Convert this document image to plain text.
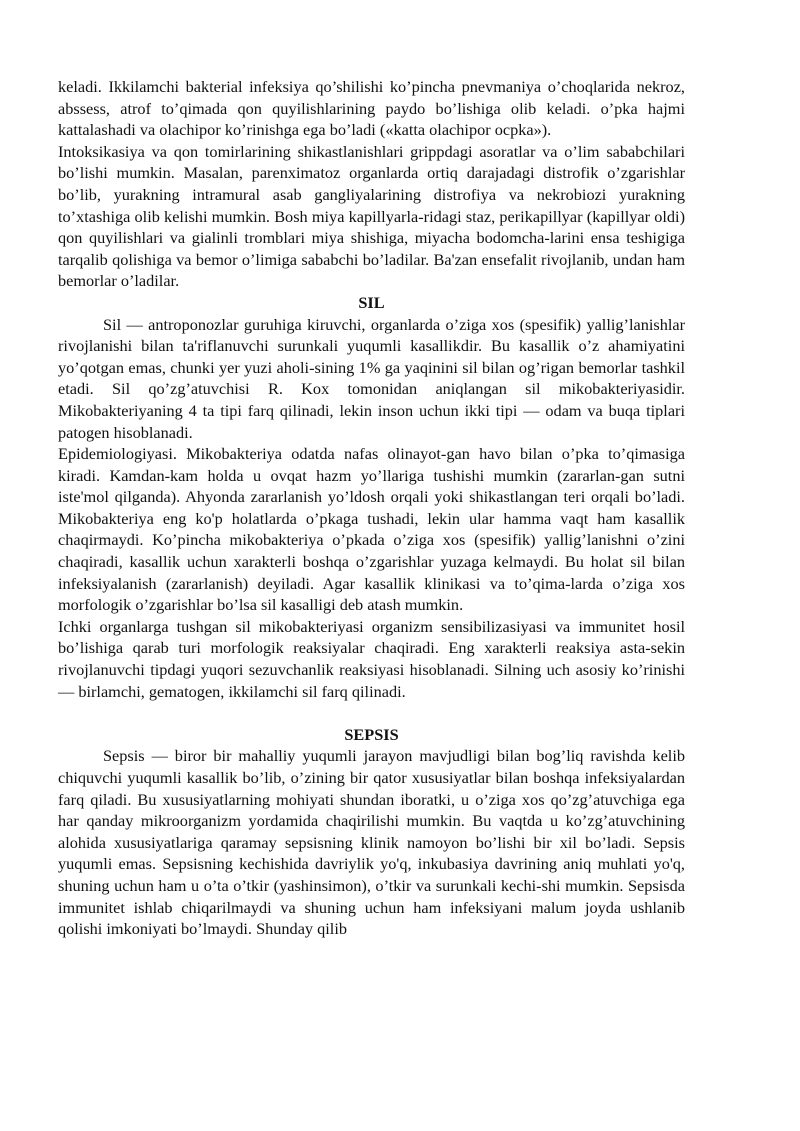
keladi. Ikkilamchi bakterial infeksiya qo’shilishi ko’pincha pnevmaniya o’choqlarida nekroz, abssess, atrof to’qimada qon quyilishlarining paydo bo’lishiga olib keladi. o’pka hajmi kattalashadi va olachipor ko’rinishga ega bo’ladi («katta olachipor ocpka»).

Intoksikasiya va qon tomirlarining shikastlanishlari grippdagi asoratlar va o’lim sababchilari bo’lishi mumkin. Masalan, parenximatoz organlarda ortiq darajadagi distrofik o’zgarishlar bo’lib, yurakning intramural asab gangliyalarining distrofiya va nekrobiozi yurakning to’xtashiga olib kelishi mumkin. Bosh miya kapillyarla-ridagi staz, perikapillyar (kapillyar oldi) qon quyilishlari va gialinli tromblari miya shishiga, miyacha bodomcha-larini ensa teshigiga tarqalib qolishiga va bemor o’limiga sababchi bo’ladilar. Ba'zan ensefalit rivojlanib, undan ham bemorlar o’ladilar.

SIL

Sil — antroponozlar guruhiga kiruvchi, organlarda o’ziga xos (spesifik) yallig’lanishlar rivojlanishi bilan ta'riflanuvchi surunkali yuqumli kasallikdir. Bu kasallik o’z ahamiyatini yo’qotgan emas, chunki yer yuzi aholi-sining 1% ga yaqinini sil bilan og’rigan bemorlar tashkil etadi. Sil qo’zg’atuvchisi R. Kox tomonidan aniqlangan sil mikobakteriyasidir. Mikobakteriyaning 4 ta tipi farq qilinadi, lekin inson uchun ikki tipi — odam va buqa tiplari patogen hisoblanadi.

Epidemiologiyasi. Mikobakteriya odatda nafas olinayot-gan havo bilan o’pka to’qimasiga kiradi. Kamdan-kam holda u ovqat hazm yo’llariga tushishi mumkin (zararlan-gan sutni iste'mol qilganda). Ahyonda zararlanish yo’ldosh orqali yoki shikastlangan teri orqali bo’ladi. Mikobakteriya eng ko'p holatlarda o’pkaga tushadi, lekin ular hamma vaqt ham kasallik chaqirmaydi. Ko’pincha mikobakteriya o’pkada o’ziga xos (spesifik) yallig’lanishni o’zini chaqiradi, kasallik uchun xarakterli boshqa o’zgarishlar yuzaga kelmaydi. Bu holat sil bilan infeksiyalanish (zararlanish) deyiladi. Agar kasallik klinikasi va to’qima-larda o’ziga xos morfologik o’zgarishlar bo’lsa sil kasalligi deb atash mumkin.

Ichki organlarga tushgan sil mikobakteriyasi organizm sensibilizasiyasi va immunitet hosil bo’lishiga qarab turi morfologik reaksiyalar chaqiradi. Eng xarakterli reaksiya asta-sekin rivojlanuvchi tipdagi yuqori sezuvchanlik reaksiyasi hisoblanadi. Silning uch asosiy ko’rinishi — birlamchi, gematogen, ikkilamchi sil farq qilinadi.

SEPSIS

Sepsis — biror bir mahalliy yuqumli jarayon mavjudligi bilan bog’liq ravishda kelib chiquvchi yuqumli kasallik bo’lib, o’zining bir qator xususiyatlar bilan boshqa infeksiyalardan farq qiladi. Bu xususiyatlarning mohiyati shundan iboratki, u o’ziga xos qo’zg’atuvchiga ega har qanday mikroorganizm yordamida chaqirilishi mumkin. Bu vaqtda u ko’zg’atuvchining alohida xususiyatlariga qaramay sepsisning klinik namoyon bo’lishi bir xil bo’ladi. Sepsis yuqumli emas. Sepsisning kechishida davriylik yo'q, inkubasiya davrining aniq muhlati yo'q, shuning uchun ham u o’ta o’tkir (yashinsimon), o’tkir va surunkali kechi-shi mumkin. Sepsisda immunitet ishlab chiqarilmaydi va shuning uchun ham infeksiyani malum joyda ushlanib qolishi imkoniyati bo’lmaydi. Shunday qilib
